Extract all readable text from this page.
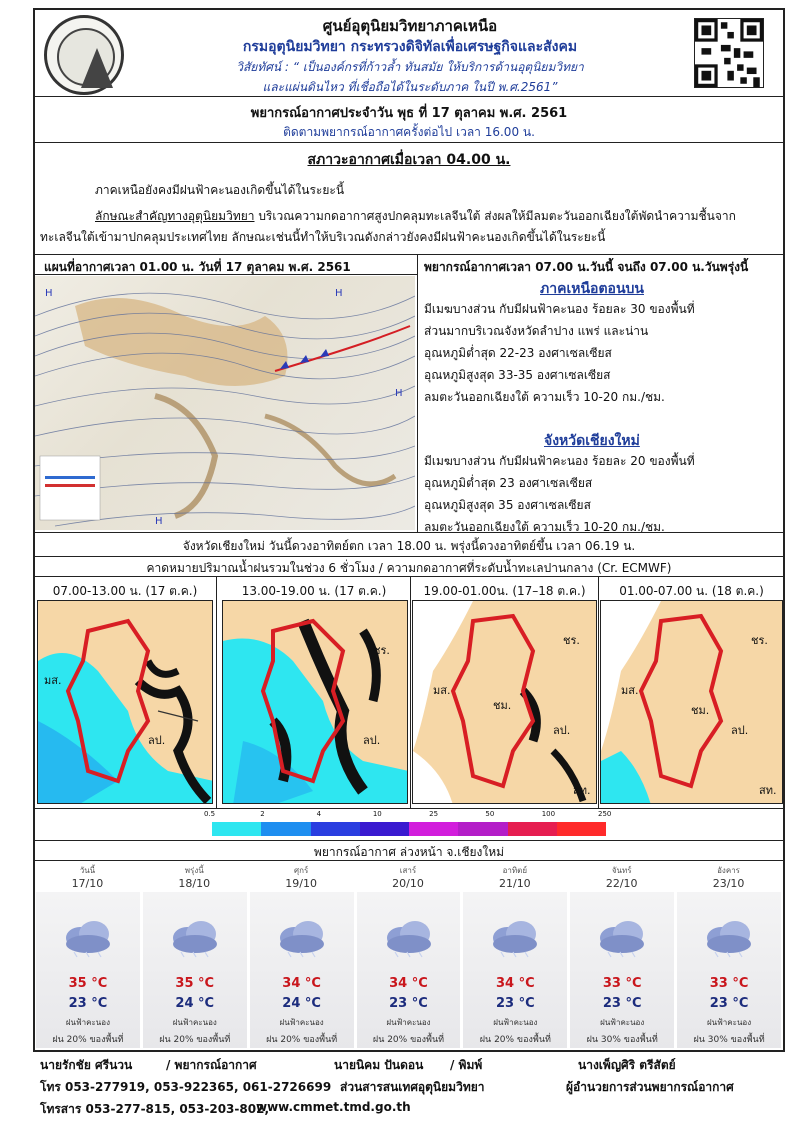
ศูนย์อุตุนิยมวิทยาภาคเหนือ
กรมอุตุนิยมวิทยา กระทรวงดิจิทัลเพื่อเศรษฐกิจและสังคม
วิสัยทัศน์ : “ เป็นองค์กรที่ก้าวล้ำ ทันสมัย ให้บริการด้านอุตุนิยมวิทยา
และแผ่นดินไหว ที่เชื่อถือได้ในระดับภาค ในปี พ.ศ.2561”
พยากรณ์อากาศประจำวัน พุธ ที่ 17 ตุลาคม พ.ศ. 2561
ติดตามพยากรณ์อากาศครั้งต่อไป เวลา 16.00 น.
สภาวะอากาศเมื่อเวลา 04.00 น.
ภาคเหนือยังคงมีฝนฟ้าคะนองเกิดขึ้นได้ในระยะนี้
ลักษณะสำคัญทางอุตุนิยมวิทยา บริเวณความกดอากาศสูงปกคลุมทะเลจีนใต้ ส่งผลให้มีลมตะวันออกเฉียงใต้พัดนำความชื้นจาก
ทะเลจีนใต้เข้ามาปกคลุมประเทศไทย ลักษณะเช่นนี้ทำให้บริเวณดังกล่าวยังคงมีฝนฟ้าคะนองเกิดขึ้นได้ในระยะนี้
แผนที่อากาศเวลา 01.00 น. วันที่ 17 ตุลาคม พ.ศ. 2561	พยากรณ์อากาศเวลา 07.00 น.วันนี้ จนถึง 07.00 น.วันพรุ่งนี้
H	H
H
H
ภาคเหนือตอนบน
มีเมฆบางส่วน กับมีฝนฟ้าคะนอง ร้อยละ 30 ของพื้นที่
ส่วนมากบริเวณจังหวัดลำปาง แพร่ และน่าน
อุณหภูมิต่ำสุด 22-23 องศาเซลเซียส
อุณหภูมิสูงสุด 33-35 องศาเซลเซียส
ลมตะวันออกเฉียงใต้ ความเร็ว 10-20 กม./ชม.
จังหวัดเชียงใหม่
มีเมฆบางส่วน กับมีฝนฟ้าคะนอง ร้อยละ 20 ของพื้นที่
อุณหภูมิต่ำสุด 23 องศาเซลเซียส
อุณหภูมิสูงสุด 35 องศาเซลเซียส
ลมตะวันออกเฉียงใต้ ความเร็ว 10-20 กม./ชม.
จังหวัดเชียงใหม่ วันนี้ดวงอาทิตย์ตก เวลา 18.00 น. พรุ่งนี้ดวงอาทิตย์ขึ้น เวลา 06.19 น.
คาดหมายปริมาณน้ำฝนรวมในช่วง 6 ชั่วโมง / ความกดอากาศที่ระดับน้ำทะเลปานกลาง (Cr. ECMWF)
07.00-13.00 น. (17 ต.ค.)	13.00-19.00 น. (17 ต.ค.)	19.00-01.00น. (17–18 ต.ค.)	01.00-07.00 น. (18 ต.ค.)
มส.
ลป.
ชร.
ลป.
มส.
ชม.
ชร.
ลป.
สท.
มส.
ชม.
ชร.
ลป.
สท.
0.5	2	4	10	25	50	100	250
พยากรณ์อากาศ ล่วงหน้า จ.เชียงใหม่
วันนี้
17/10
35 °C
23 °C
ฝนฟ้าคะนอง
ฝน 20% ของพื้นที่
พรุ่งนี้
18/10
35 °C
24 °C
ฝนฟ้าคะนอง
ฝน 20% ของพื้นที่
ศุกร์
19/10
34 °C
24 °C
ฝนฟ้าคะนอง
ฝน 20% ของพื้นที่
เสาร์
20/10
34 °C
23 °C
ฝนฟ้าคะนอง
ฝน 20% ของพื้นที่
อาทิตย์
21/10
34 °C
23 °C
ฝนฟ้าคะนอง
ฝน 20% ของพื้นที่
จันทร์
22/10
33 °C
23 °C
ฝนฟ้าคะนอง
ฝน 30% ของพื้นที่
อังคาร
23/10
33 °C
23 °C
ฝนฟ้าคะนอง
ฝน 30% ของพื้นที่
นายรักชัย ศรีนวน	/ พยากรณ์อากาศ	นายนิคม ปันดอน / พิมพ์	นางเพ็ญศิริ ตรีสัตย์
โทร 053-277919, 053-922365, 061-2726699 ส่วนสารสนเทศอุตุนิยมวิทยา	ผู้อำนวยการส่วนพยากรณ์อากาศ
โทรสาร 053-277-815, 053-203-802,
www.cmmet.tmd.go.th
